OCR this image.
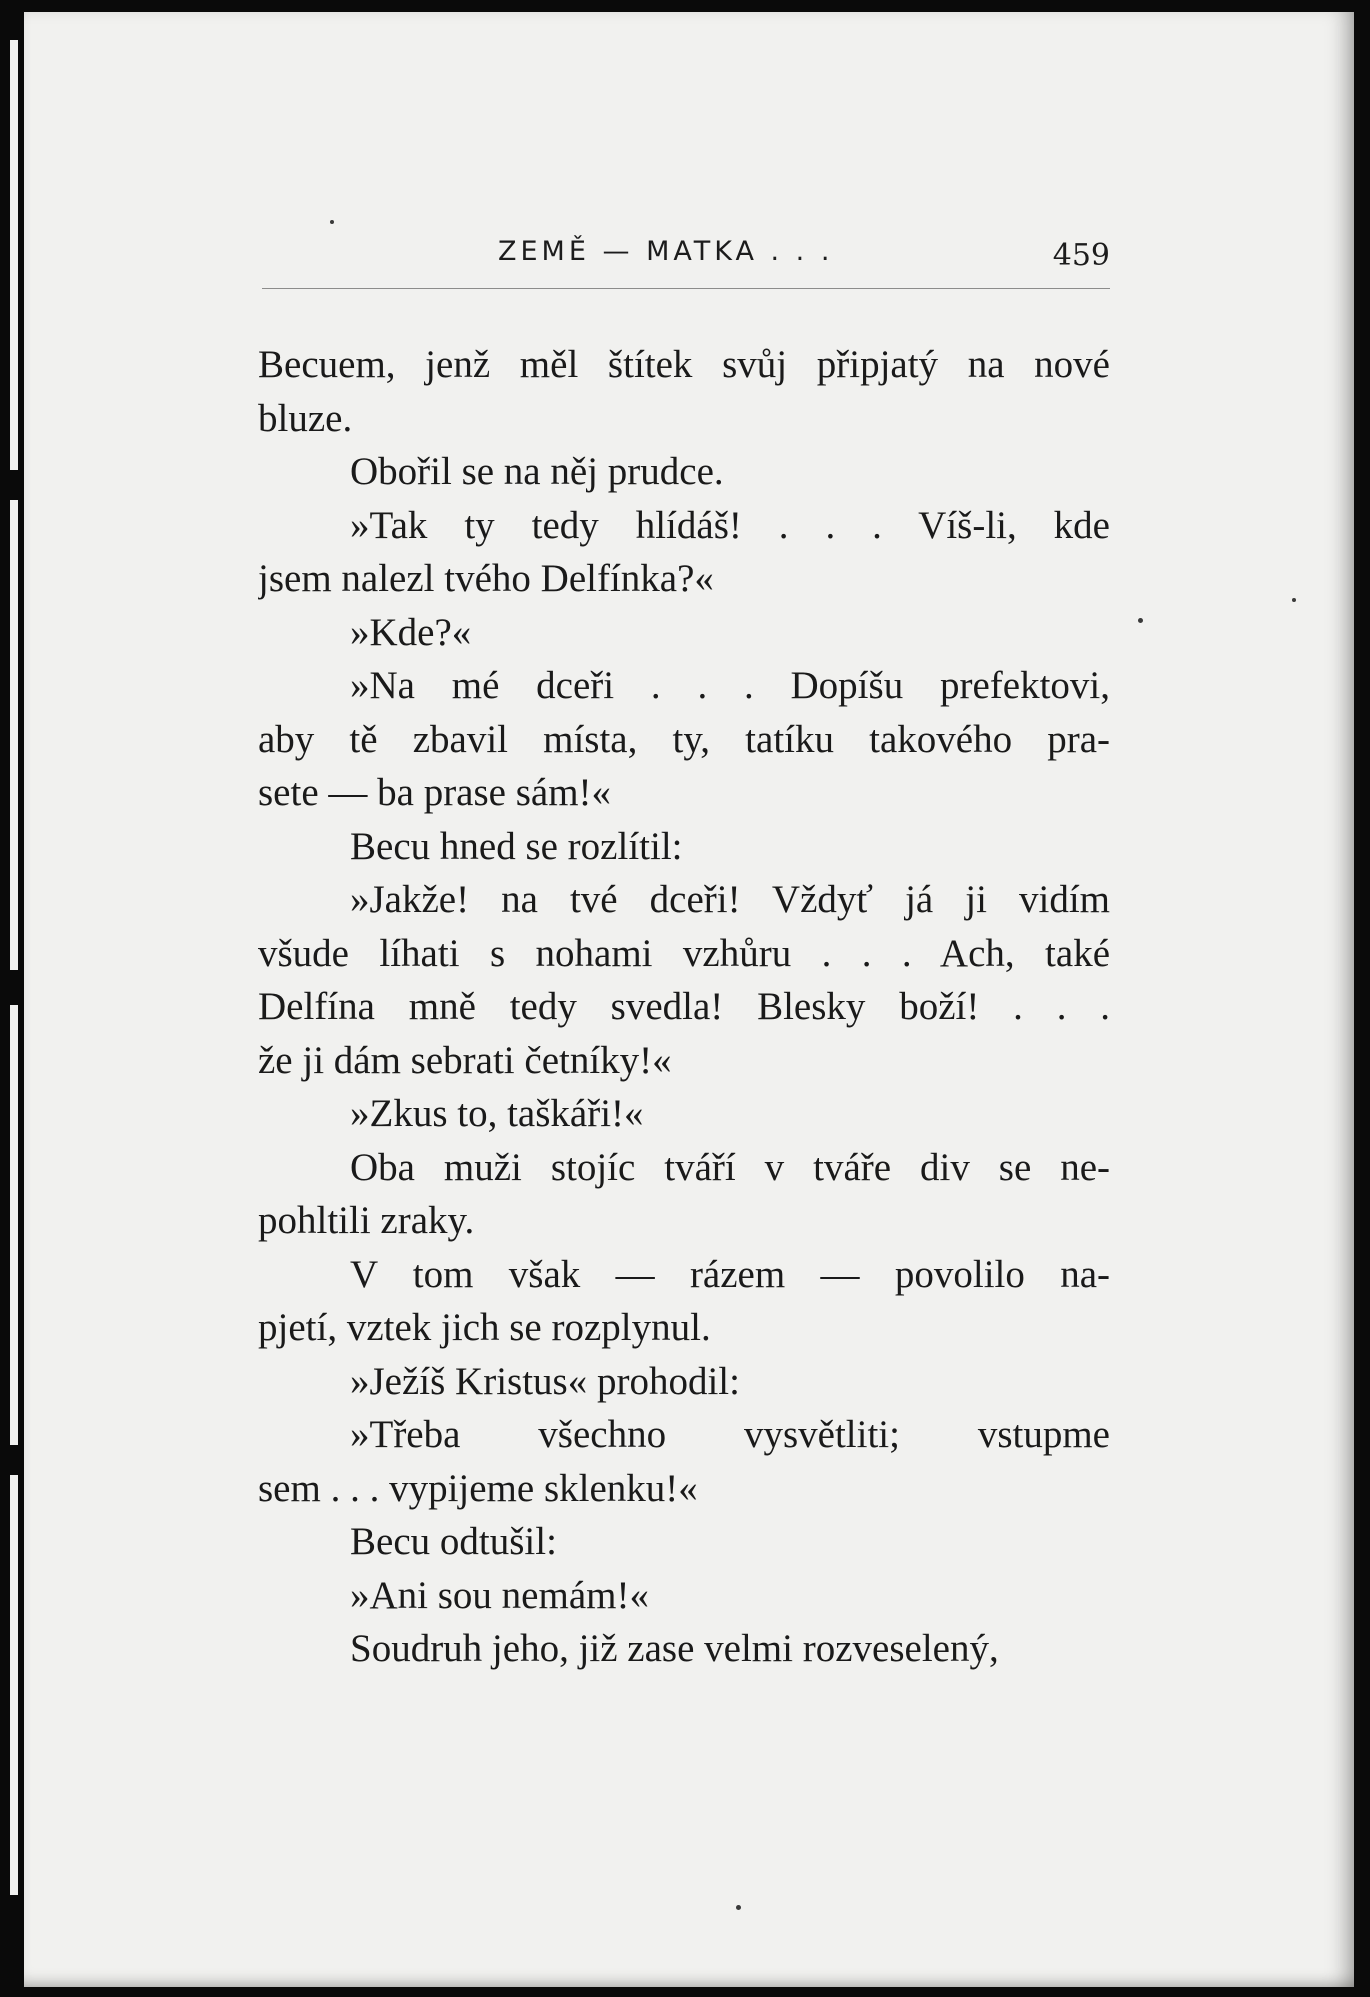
ZEMĚ — MATKA . . .	459
Becuem, jenž měl štítek svůj připjatý na nové
bluze.
Obořil se na něj prudce.
»Tak ty tedy hlídáš! . . . Víš-li, kde
jsem nalezl tvého Delfínka?«
»Kde?«
»Na mé dceři . . . Dopíšu prefektovi,
aby tě zbavil místa, ty, tatíku takového pra-
sete — ba prase sám!«
Becu hned se rozlítil:
»Jakže! na tvé dceři! Vždyť já ji vidím
všude líhati s nohami vzhůru . . . Ach, také
Delfína mně tedy svedla! Blesky boží! . . .
že ji dám sebrati četníky!«
»Zkus to, taškáři!«
Oba muži stojíc tváří v tváře div se ne-
pohltili zraky.
V tom však — rázem — povolilo na-
pjetí, vztek jich se rozplynul.
»Ježíš Kristus« prohodil:
»Třeba všechno vysvětliti; vstupme
sem . . . vypijeme sklenku!«
Becu odtušil:
»Ani sou nemám!«
Soudruh jeho, již zase velmi rozveselený,
